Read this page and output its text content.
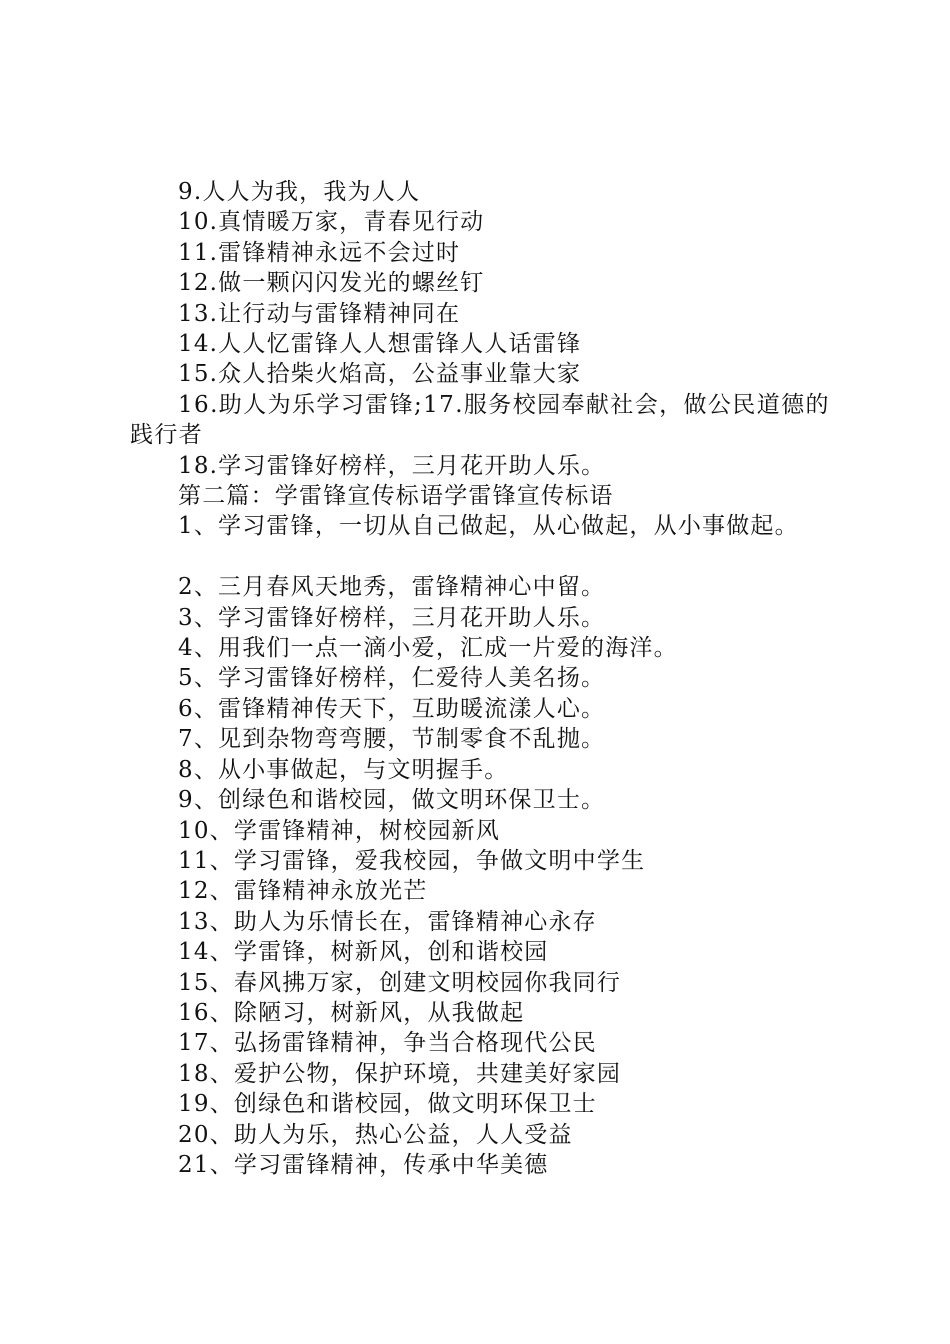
9.人人为我，我为人人
10.真情暖万家，青春见行动
11.雷锋精神永远不会过时
12.做一颗闪闪发光的螺丝钉
13.让行动与雷锋精神同在
14.人人忆雷锋人人想雷锋人人话雷锋
15.众人拾柴火焰高，公益事业靠大家
16.助人为乐学习雷锋;17.服务校园奉献社会，做公民道德的践行者
18.学习雷锋好榜样，三月花开助人乐。
第二篇：学雷锋宣传标语学雷锋宣传标语
1、学习雷锋，一切从自己做起，从心做起，从小事做起。
2、三月春风天地秀，雷锋精神心中留。
3、学习雷锋好榜样，三月花开助人乐。
4、用我们一点一滴小爱，汇成一片爱的海洋。
5、学习雷锋好榜样，仁爱待人美名扬。
6、雷锋精神传天下，互助暖流漾人心。
7、见到杂物弯弯腰，节制零食不乱抛。
8、从小事做起，与文明握手。
9、创绿色和谐校园，做文明环保卫士。
10、学雷锋精神，树校园新风
11、学习雷锋，爱我校园，争做文明中学生
12、雷锋精神永放光芒
13、助人为乐情长在，雷锋精神心永存
14、学雷锋，树新风，创和谐校园
15、春风拂万家，创建文明校园你我同行
16、除陋习，树新风，从我做起
17、弘扬雷锋精神，争当合格现代公民
18、爱护公物，保护环境，共建美好家园
19、创绿色和谐校园，做文明环保卫士
20、助人为乐，热心公益，人人受益
21、学习雷锋精神，传承中华美德
